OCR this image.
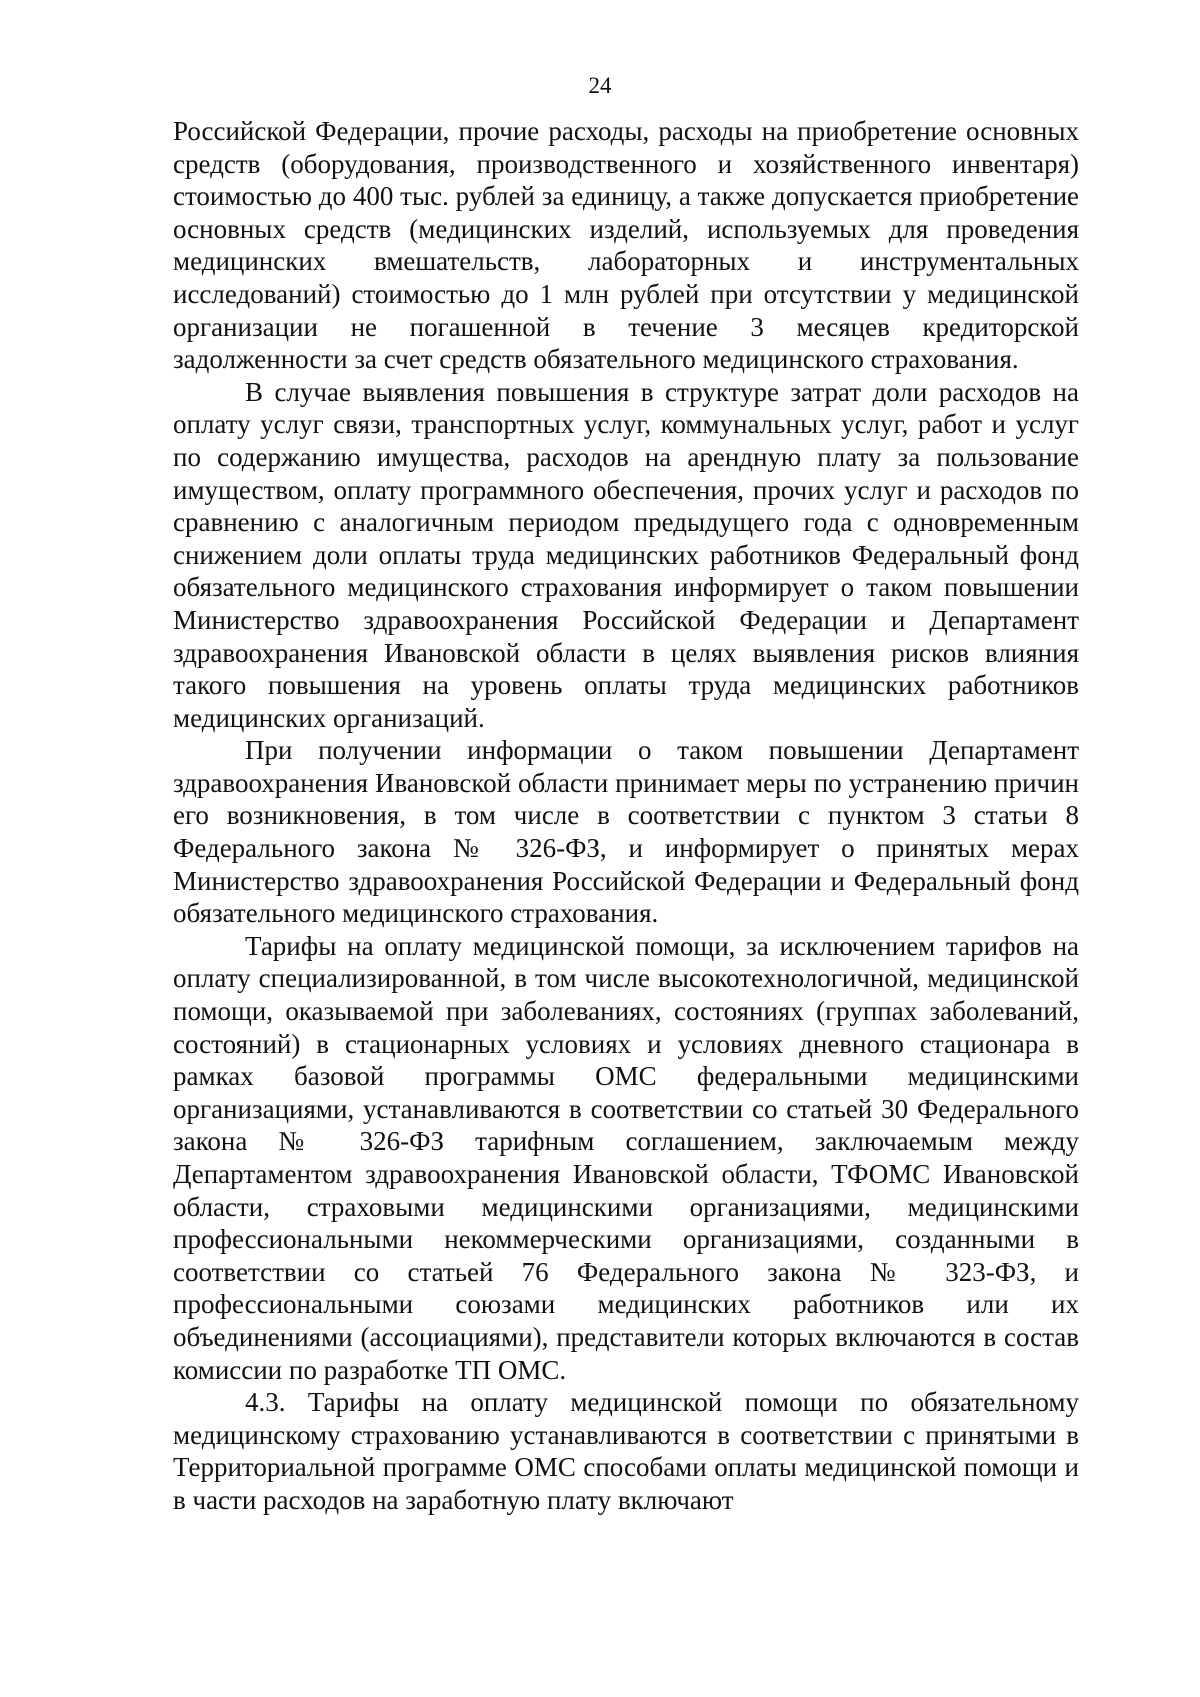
24

Российской Федерации, прочие расходы, расходы на приобретение основных средств (оборудования, производственного и хозяйственного инвентаря) стоимостью до 400 тыс. рублей за единицу, а также допускается приобретение основных средств (медицинских изделий, используемых для проведения медицинских вмешательств, лабораторных и инструментальных исследований) стоимостью до 1 млн рублей при отсутствии у медицинской организации не погашенной в течение 3 месяцев кредиторской задолженности за счет средств обязательного медицинского страхования.

В случае выявления повышения в структуре затрат доли расходов на оплату услуг связи, транспортных услуг, коммунальных услуг, работ и услуг по содержанию имущества, расходов на арендную плату за пользование имуществом, оплату программного обеспечения, прочих услуг и расходов по сравнению с аналогичным периодом предыдущего года с одновременным снижением доли оплаты труда медицинских работников Федеральный фонд обязательного медицинского страхования информирует о таком повышении Министерство здравоохранения Российской Федерации и Департамент здравоохранения Ивановской области в целях выявления рисков влияния такого повышения на уровень оплаты труда медицинских работников медицинских организаций.

При получении информации о таком повышении Департамент здравоохранения Ивановской области принимает меры по устранению причин его возникновения, в том числе в соответствии с пунктом 3 статьи 8 Федерального закона № 326-ФЗ, и информирует о принятых мерах Министерство здравоохранения Российской Федерации и Федеральный фонд обязательного медицинского страхования.

Тарифы на оплату медицинской помощи, за исключением тарифов на оплату специализированной, в том числе высокотехнологичной, медицинской помощи, оказываемой при заболеваниях, состояниях (группах заболеваний, состояний) в стационарных условиях и условиях дневного стационара в рамках базовой программы ОМС федеральными медицинскими организациями, устанавливаются в соответствии со статьей 30 Федерального закона № 326-ФЗ тарифным соглашением, заключаемым между Департаментом здравоохранения Ивановской области, ТФОМС Ивановской области, страховыми медицинскими организациями, медицинскими профессиональными некоммерческими организациями, созданными в соответствии со статьей 76 Федерального закона № 323-ФЗ, и профессиональными союзами медицинских работников или их объединениями (ассоциациями), представители которых включаются в состав комиссии по разработке ТП ОМС.

4.3. Тарифы на оплату медицинской помощи по обязательному медицинскому страхованию устанавливаются в соответствии с принятыми в Территориальной программе ОМС способами оплаты медицинской помощи и в части расходов на заработную плату включают
